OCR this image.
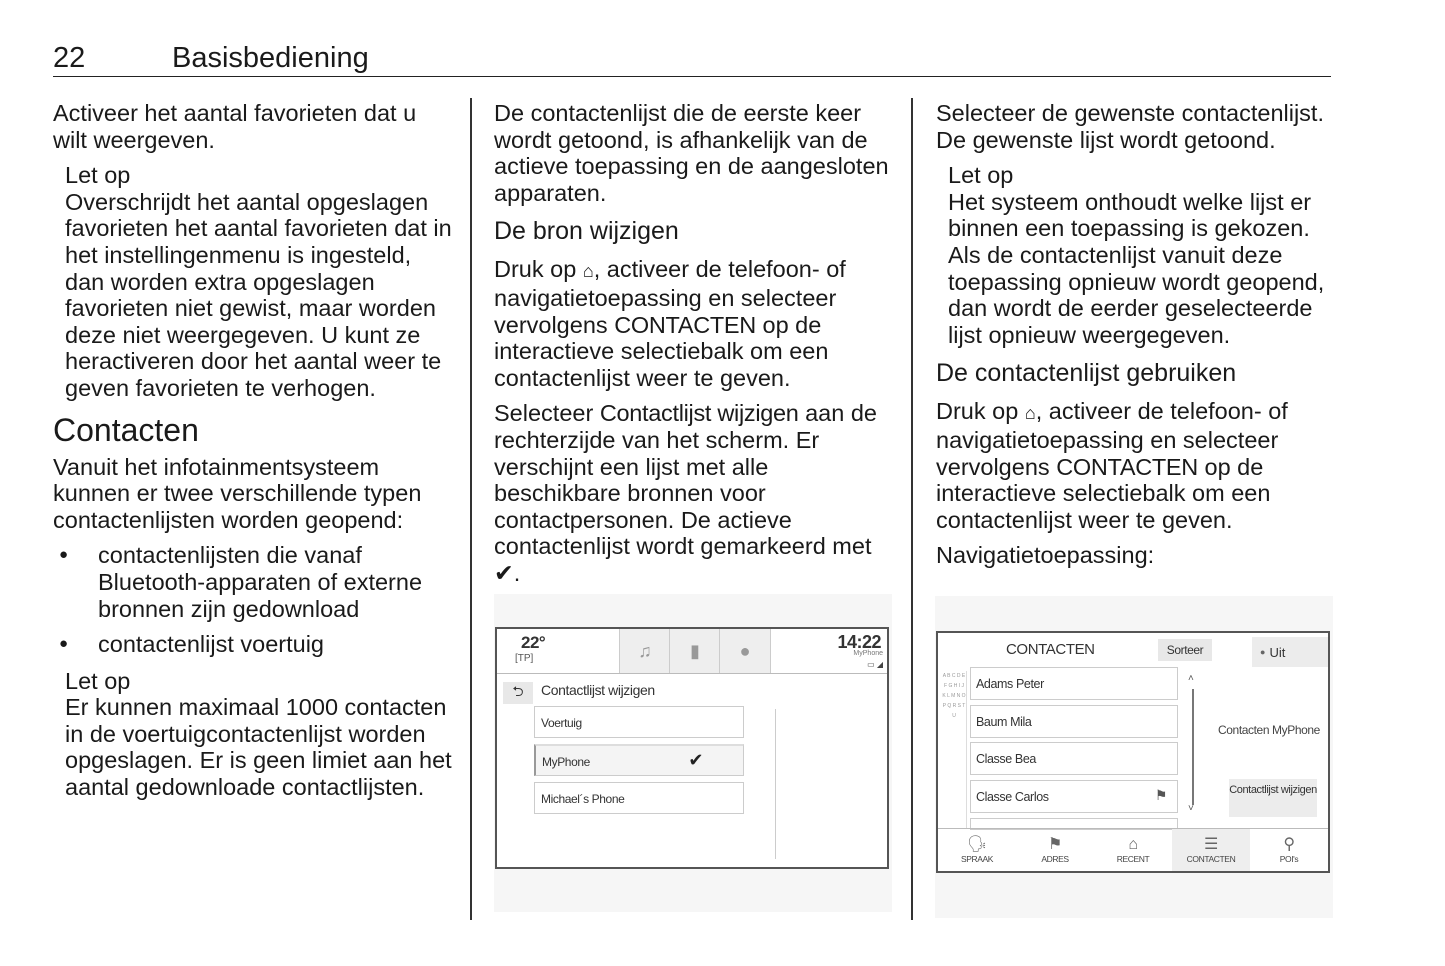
22	Basisbediening

Activeer het aantal favorieten dat u wilt weergeven.

Let op
Overschrijdt het aantal opgeslagen favorieten het aantal favorieten dat in het instellingenmenu is ingesteld, dan worden extra opgeslagen favorieten niet gewist, maar worden deze niet weergegeven. U kunt ze heractiveren door het aantal weer te geven favorieten te verhogen.
Contacten

Vanuit het infotainmentsysteem kunnen er twee verschillende typen contactenlijsten worden geopend:

● contactenlijsten die vanaf Bluetooth-apparaten of externe bronnen zijn gedownload
● contactenlijst voertuig
Let op
Er kunnen maximaal 1000 contacten in de voertuigcontactenlijst worden opgeslagen. Er is geen limiet aan het aantal gedownloade contactlijsten.

De contactenlijst die de eerste keer wordt getoond, is afhankelijk van de actieve toepassing en de aangesloten apparaten.

De bron wijzigen

Druk op ⌂, activeer de telefoon- of navigatietoepassing en selecteer vervolgens CONTACTEN op de interactieve selectiebalk om een contactenlijst weer te geven.

Selecteer Contactlijst wijzigen aan de rechterzijde van het scherm. Er verschijnt een lijst met alle beschikbare bronnen voor contactpersonen. De actieve contactenlijst wordt gemarkeerd met ✔.

Selecteer de gewenste contactenlijst. De gewenste lijst wordt getoond.

Let op
Het systeem onthoudt welke lijst er binnen een toepassing is gekozen. Als de contactenlijst vanuit deze toepassing opnieuw wordt geopend, dan wordt de eerder geselecteerde lijst opnieuw weergegeven.
De contactenlijst gebruiken

Druk op ⌂, activeer de telefoon- of navigatietoepassing en selecteer vervolgens CONTACTEN op de interactieve selectiebalk om een contactenlijst weer te geven.

Navigatietoepassing:

22°
[TP]	♫	▮	●	14:22
MyPhone
▭ ◢
⮌	Contactlijst wijzigen
Voertuig
MyPhone	✔
Michael´s Phone
CONTACTEN	Sorteer	● Uit
A B C D E F G H I J K L M N O P Q R S T U
Adams Peter
Baum Mila
Classe Bea
Classe Carlos	⚑
˄
˅
Contacten MyPhone
Contactlijst wijzigen
🗣
SPRAAK
⚑
ADRES
⌂
RECENT
☰
CONTACTEN
⚲
POI's
